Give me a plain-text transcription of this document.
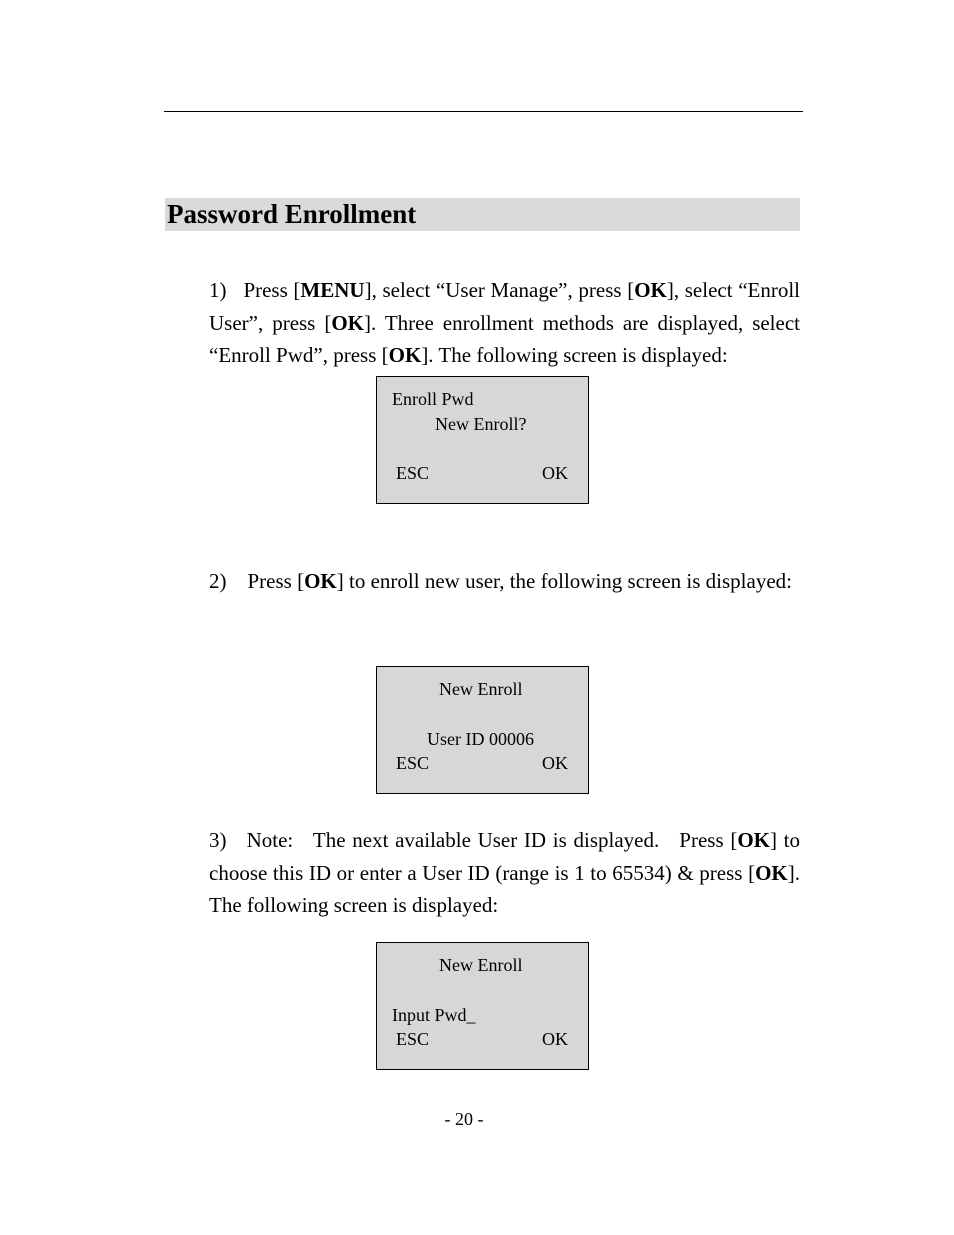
Password Enrollment
1) Press [MENU], select “User Manage”, press [OK], select “Enroll User”, press [OK]. Three enrollment methods are displayed, select “Enroll Pwd”, press [OK]. The following screen is displayed:
Enroll Pwd
New Enroll?
ESC	OK
2) Press [OK] to enroll new user, the following screen is displayed:
New Enroll
User ID 00006
ESC	OK
3) Note:   The next available User ID is displayed.   Press [OK] to choose this ID or enter a User ID (range is 1 to 65534) & press [OK].   The following screen is displayed:
New Enroll
Input Pwd_
ESC	OK
- 20 -
